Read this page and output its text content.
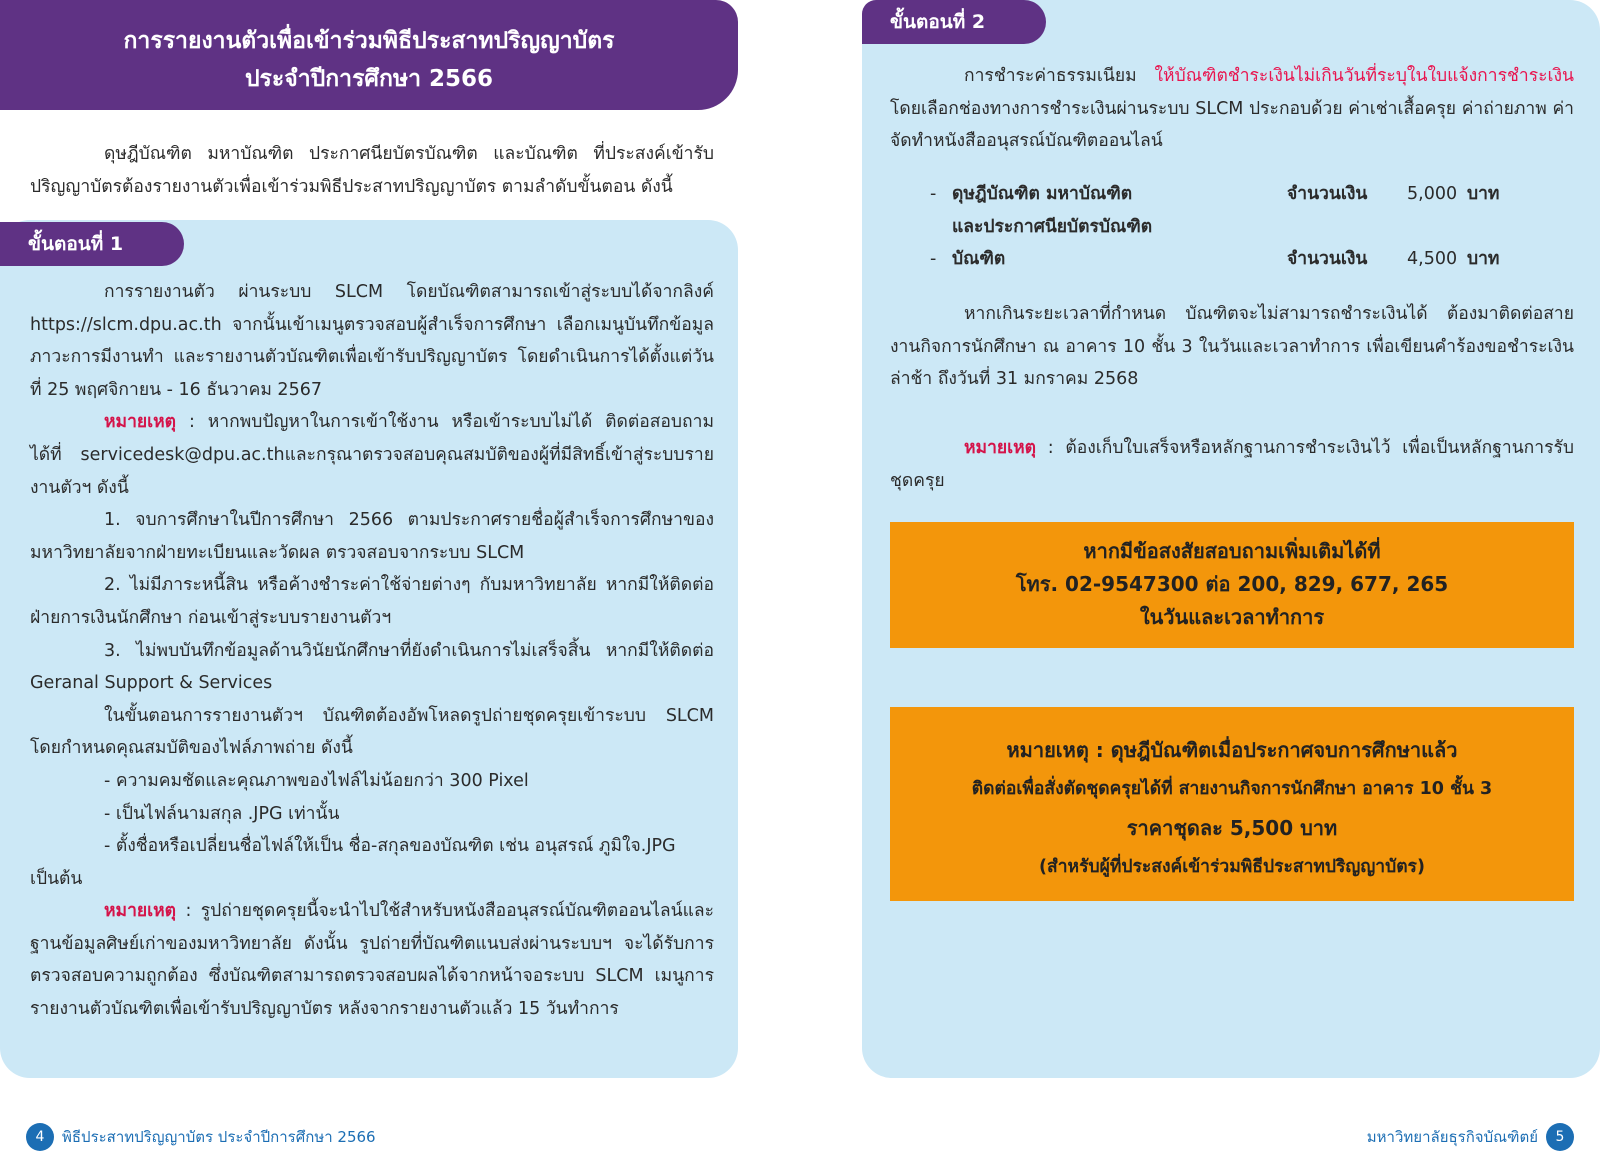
การรายงานตัวเพื่อเข้าร่วมพิธีประสาทปริญญาบัตร
ประจำปีการศึกษา 2566
ดุษฎีบัณฑิต มหาบัณฑิต ประกาศนียบัตรบัณฑิต และบัณฑิต ที่ประสงค์เข้ารับปริญญาบัตรต้องรายงานตัวเพื่อเข้าร่วมพิธีประสาทปริญญาบัตร ตามลำดับขั้นตอน ดังนี้
ขั้นตอนที่ 1

การรายงานตัว ผ่านระบบ SLCM โดยบัณฑิตสามารถเข้าสู่ระบบได้จากลิงค์ https://slcm.dpu.ac.th จากนั้นเข้าเมนูตรวจสอบผู้สำเร็จการศึกษา เลือกเมนูบันทึกข้อมูลภาวะการมีงานทำ และรายงานตัวบัณฑิตเพื่อเข้ารับปริญญาบัตร โดยดำเนินการได้ตั้งแต่วันที่ 25 พฤศจิกายน - 16 ธันวาคม 2567

หมายเหตุ : หากพบปัญหาในการเข้าใช้งาน หรือเข้าระบบไม่ได้ ติดต่อสอบถามได้ที่ servicedesk@dpu.ac.thและกรุณาตรวจสอบคุณสมบัติของผู้ที่มีสิทธิ์เข้าสู่ระบบรายงานตัวฯ ดังนี้

1. จบการศึกษาในปีการศึกษา 2566 ตามประกาศรายชื่อผู้สำเร็จการศึกษาของมหาวิทยาลัยจากฝ่ายทะเบียนและวัดผล ตรวจสอบจากระบบ SLCM

2. ไม่มีภาระหนี้สิน หรือค้างชำระค่าใช้จ่ายต่างๆ กับมหาวิทยาลัย หากมีให้ติดต่อฝ่ายการเงินนักศึกษา ก่อนเข้าสู่ระบบรายงานตัวฯ

3. ไม่พบบันทึกข้อมูลด้านวินัยนักศึกษาที่ยังดำเนินการไม่เสร็จสิ้น หากมีให้ติดต่อ Geranal Support & Services

ในขั้นตอนการรายงานตัวฯ บัณฑิตต้องอัพโหลดรูปถ่ายชุดครุยเข้าระบบ SLCM โดยกำหนดคุณสมบัติของไฟล์ภาพถ่าย ดังนี้

- ความคมชัดและคุณภาพของไฟล์ไม่น้อยกว่า 300 Pixel

- เป็นไฟล์นามสกุล .JPG เท่านั้น

- ตั้งชื่อหรือเปลี่ยนชื่อไฟล์ให้เป็น ชื่อ-สกุลของบัณฑิต เช่น อนุสรณ์ ภูมิใจ.JPG

เป็นต้น

หมายเหตุ : รูปถ่ายชุดครุยนี้จะนำไปใช้สำหรับหนังสืออนุสรณ์บัณฑิตออนไลน์และฐานข้อมูลศิษย์เก่าของมหาวิทยาลัย ดังนั้น รูปถ่ายที่บัณฑิตแนบส่งผ่านระบบฯ จะได้รับการตรวจสอบความถูกต้อง ซึ่งบัณฑิตสามารถตรวจสอบผลได้จากหน้าจอระบบ SLCM เมนูการรายงานตัวบัณฑิตเพื่อเข้ารับปริญญาบัตร หลังจากรายงานตัวแล้ว 15 วันทำการ

ขั้นตอนที่ 2

การชำระค่าธรรมเนียม ให้บัณฑิตชำระเงินไม่เกินวันที่ระบุในใบแจ้งการชำระเงิน โดยเลือกช่องทางการชำระเงินผ่านระบบ SLCM ประกอบด้วย ค่าเช่าเสื้อครุย ค่าถ่ายภาพ ค่าจัดทำหนังสืออนุสรณ์บัณฑิตออนไลน์

- ดุษฎีบัณฑิต มหาบัณฑิต	จำนวนเงิน 5,000 บาท
และประกาศนียบัตรบัณฑิต
- บัณฑิต	จำนวนเงิน 4,500 บาท

หากเกินระยะเวลาที่กำหนด บัณฑิตจะไม่สามารถชำระเงินได้ ต้องมาติดต่อสายงานกิจการนักศึกษา ณ อาคาร 10 ชั้น 3 ในวันและเวลาทำการ เพื่อเขียนคำร้องขอชำระเงินล่าช้า ถึงวันที่ 31 มกราคม 2568

หมายเหตุ : ต้องเก็บใบเสร็จหรือหลักฐานการชำระเงินไว้ เพื่อเป็นหลักฐานการรับชุดครุย

หากมีข้อสงสัยสอบถามเพิ่มเติมได้ที่
โทร. 02-9547300 ต่อ 200, 829, 677, 265
ในวันและเวลาทำการ
หมายเหตุ : ดุษฎีบัณฑิตเมื่อประกาศจบการศึกษาแล้ว
ติดต่อเพื่อสั่งตัดชุดครุยได้ที่ สายงานกิจการนักศึกษา อาคาร 10 ชั้น 3
ราคาชุดละ 5,500 บาท
(สำหรับผู้ที่ประสงค์เข้าร่วมพิธีประสาทปริญญาบัตร)
4	พิธีประสาทปริญญาบัตร ประจำปีการศึกษา 2566	มหาวิทยาลัยธุรกิจบัณฑิตย์	5
